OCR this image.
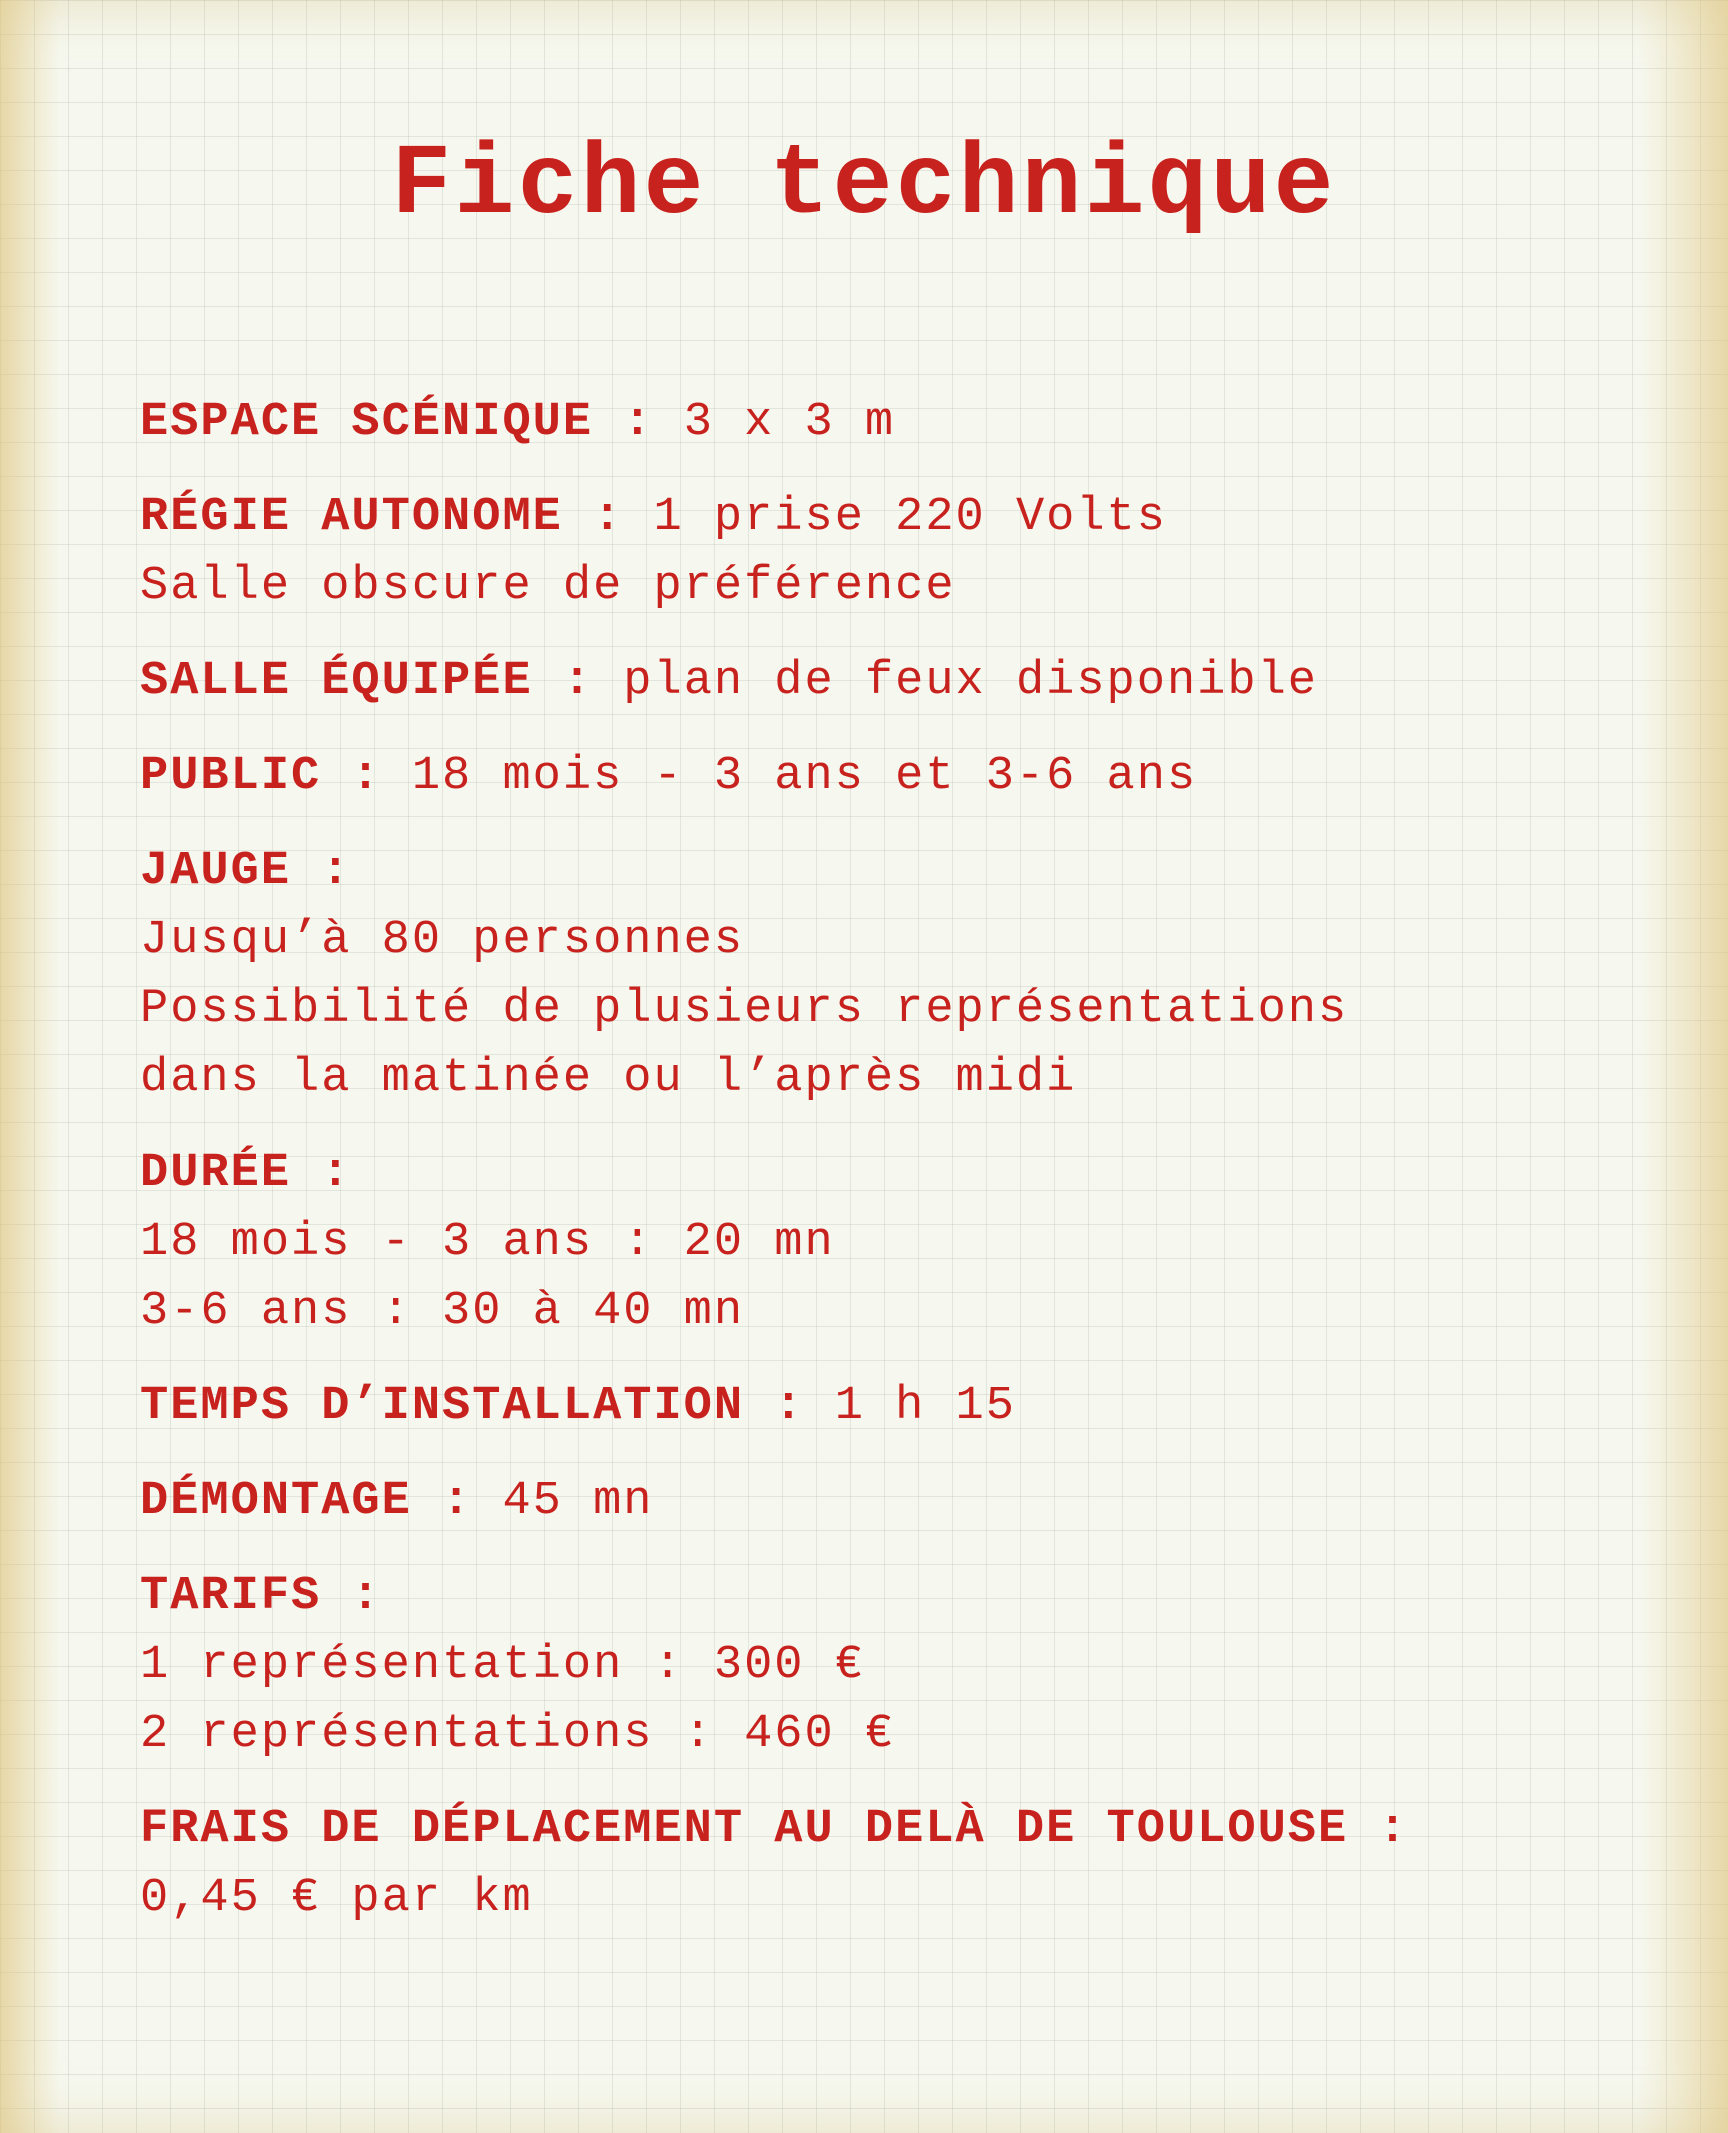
Fiche technique
ESPACE SCÉNIQUE : 3 x 3 m
RÉGIE AUTONOME : 1 prise 220 Volts
Salle obscure de préférence
SALLE ÉQUIPÉE : plan de feux disponible
PUBLIC : 18 mois - 3 ans et 3-6 ans
JAUGE :
Jusqu’à 80 personnes
Possibilité de plusieurs représentations
dans la matinée ou l’après midi
DURÉE :
18 mois - 3 ans : 20 mn
3-6 ans : 30 à 40 mn
TEMPS D’INSTALLATION : 1 h 15
DÉMONTAGE : 45 mn
TARIFS :
1 représentation : 300 €
2 représentations : 460 €
FRAIS DE DÉPLACEMENT AU DELÀ DE TOULOUSE :
0,45 € par km
